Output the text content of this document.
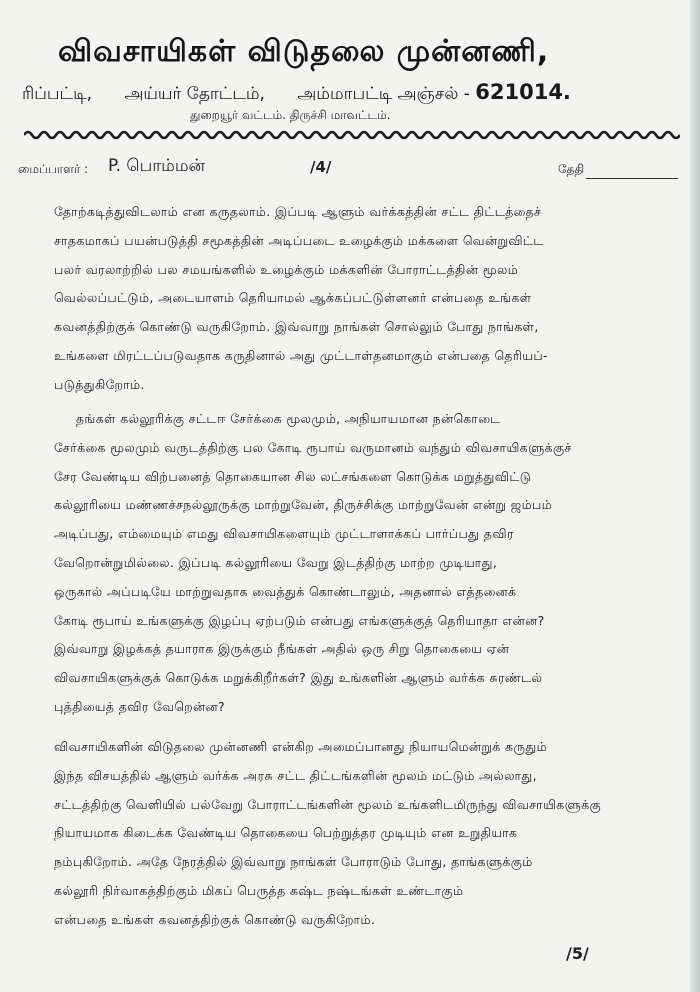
விவசாயிகள் விடுதலை முன்னணி,
ரிப்பட்டி, அய்யர் தோட்டம், அம்மாபட்டி அஞ்சல் - 621014.
துறையூர் வட்டம். திருச்சி மாவட்டம்.
மைப்பாளர் : P. பொம்மன்	/4/	தேதி
தோற்கடித்துவிடலாம் என கருதலாம். இப்படி ஆளும் வர்க்கத்தின் சட்ட திட்டத்தைச்
சாதகமாகப் பயன்படுத்தி சமூகத்தின் அடிப்படை உழைக்கும் மக்களை வென்றுவிட்ட
பலர் வரலாற்றில் பல சமயங்களில் உழைக்கும் மக்களின் போராட்டத்தின் மூலம்
வெல்லப்பட்டும், அடையாளம் தெரியாமல் ஆக்கப்பட்டுள்ளனர் என்பதை உங்கள்
கவனத்திற்குக் கொண்டு வருகிறோம். இவ்வாறு நாங்கள் சொல்லும் போது நாங்கள்,
உங்களை மிரட்டப்படுவதாக கருதினால் அது முட்டாள்தனமாகும் என்பதை தெரியப்-
படுத்துகிறோம்.
தங்கள் கல்லூரிக்கு சட்டஈ சேர்க்கை மூலமும், அநியாயமான நன்கொடை
சேர்க்கை மூலமும் வருடத்திற்கு பல கோடி ரூபாய் வருமானம் வந்தும் விவசாயிகளுக்குச்
சேர வேண்டிய விற்பனைத் தொகையான சில லட்சங்களை கொடுக்க மறுத்துவிட்டு
கல்லூரியை மண்ணச்சநல்லூருக்கு மாற்றுவேன், திருச்சிக்கு மாற்றுவேன் என்று ஜம்பம்
அடிப்பது, எம்மையும் எமது விவசாயிகளையும் முட்டாளாக்கப் பார்ப்பது தவிர
வேறொன்றுமில்லை. இப்படி கல்லூரியை வேறு இடத்திற்கு மாற்ற முடியாது,
ஒருகால் அப்படியே மாற்றுவதாக வைத்துக் கொண்டாலும், அதனால் எத்தனைக்
கோடி ரூபாய் உங்களுக்கு இழப்பு ஏற்படும் என்பது எங்களுக்குத் தெரியாதா என்ன?
இவ்வாறு இழக்கத் தயாராக இருக்கும் நீங்கள் அதில் ஒரு சிறு தொகையை ஏன்
விவசாயிகளுக்குக் கொடுக்க மறுக்கிறீர்கள்? இது உங்களின் ஆளும் வர்க்க சுரண்டல்
புத்தியைத் தவிர வேறென்ன?
விவசாயிகளின் விடுதலை முன்னணி என்கிற அமைப்பானது நியாயமென்றுக் கருதும்
இந்த விசயத்தில் ஆளும் வர்க்க அரசு சட்ட திட்டங்களின் மூலம் மட்டும் அல்லாது,
சட்டத்திற்கு வெளியில் பல்வேறு போராட்டங்களின் மூலம் உங்களிடமிருந்து விவசாயிகளுக்கு
நியாயமாக கிடைக்க வேண்டிய தொகையை பெற்றுத்தர முடியும் என உறுதியாக
நம்புகிறோம். அதே நேரத்தில் இவ்வாறு நாங்கள் போராடும் போது, தாங்களுக்கும்
கல்லூரி நிர்வாகத்திற்கும் மிகப் பெருத்த கஷ்ட நஷ்டங்கள் உண்டாகும்
என்பதை உங்கள் கவனத்திற்குக் கொண்டு வருகிறோம்.
/5/
